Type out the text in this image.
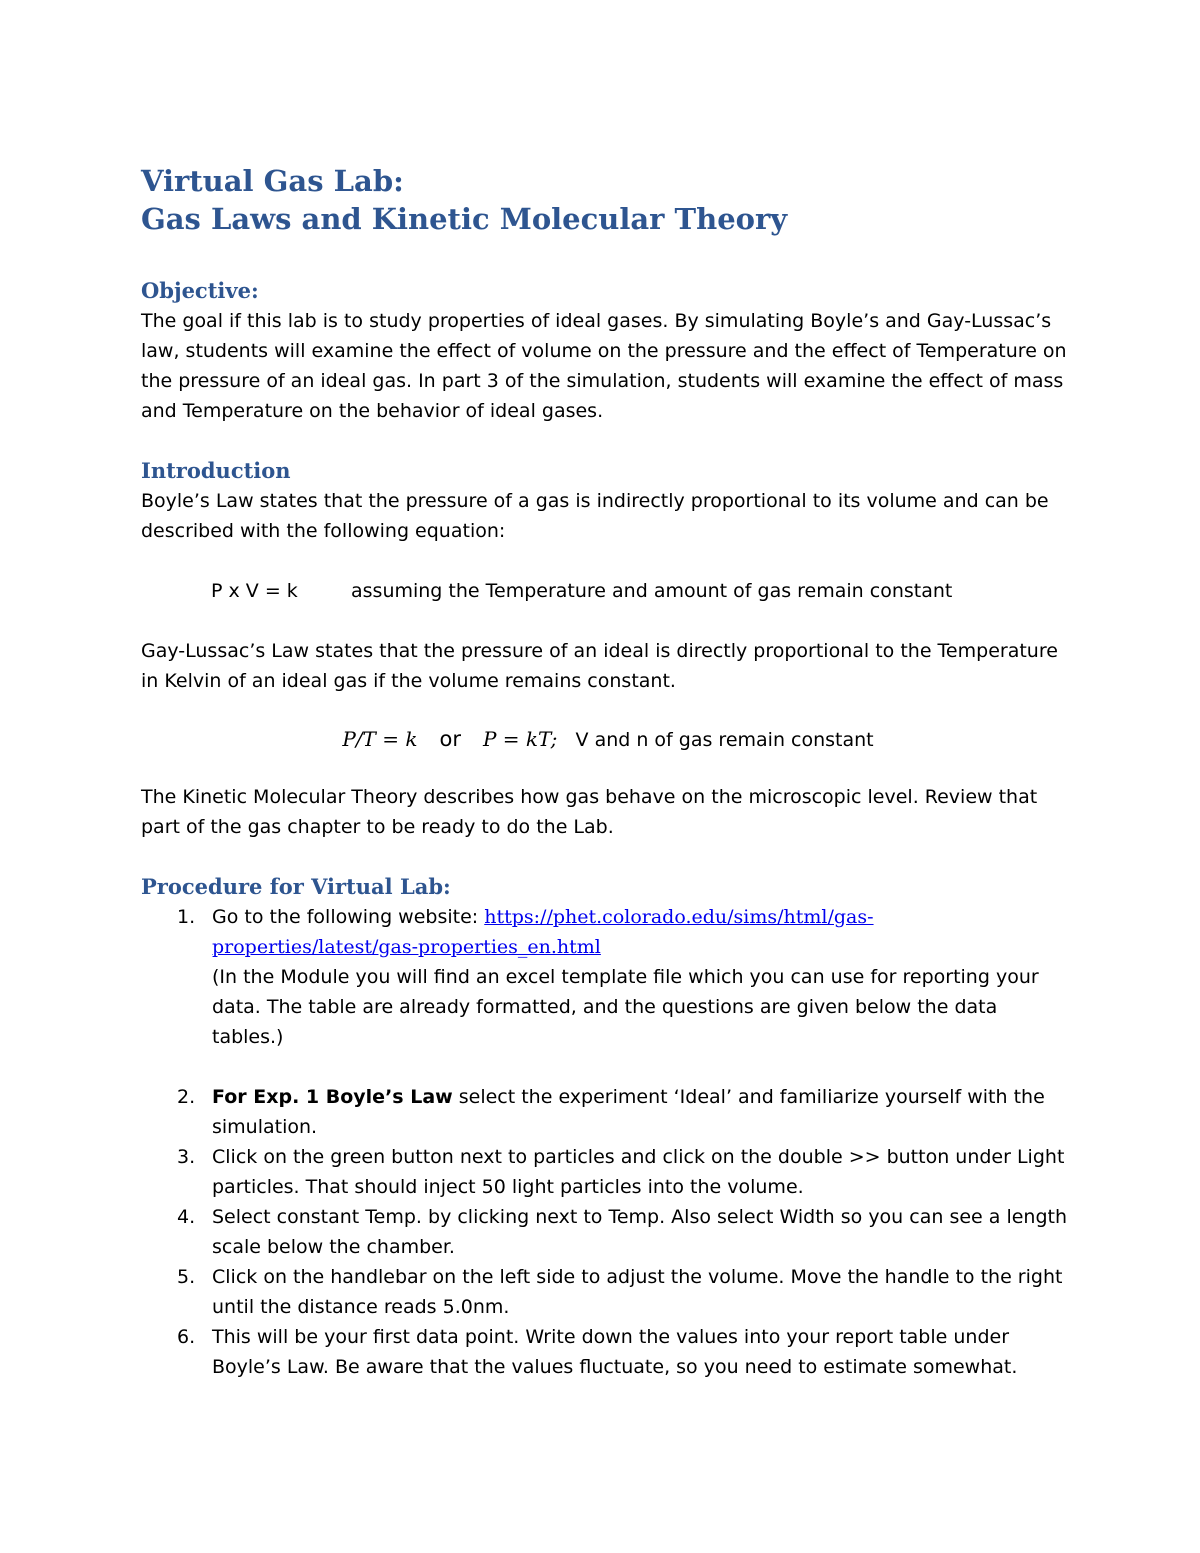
Virtual Gas Lab:
Gas Laws and Kinetic Molecular Theory
Objective:

The goal if this lab is to study properties of ideal gases. By simulating Boyle’s and Gay-Lussac’s law, students will examine the effect of volume on the pressure and the effect of Temperature on the pressure of an ideal gas. In part 3 of the simulation, students will examine the effect of mass and Temperature on the behavior of ideal gases.

Introduction

Boyle’s Law states that the pressure of a gas is indirectly proportional to its volume and can be described with the following equation:

P x V = k	assuming the Temperature and amount of gas remain constant

Gay-Lussac’s Law states that the pressure of an ideal is directly proportional to the Temperature in Kelvin of an ideal gas if the volume remains constant.

P/T = k or P = kT; V and n of gas remain constant

The Kinetic Molecular Theory describes how gas behave on the microscopic level. Review that part of the gas chapter to be ready to do the Lab.

Procedure for Virtual Lab:
1. Go to the following website: https://phet.colorado.edu/sims/html/gas-properties/latest/gas-properties_en.html
(In the Module you will find an excel template file which you can use for reporting your data. The table are already formatted, and the questions are given below the data tables.)
2. For Exp. 1 Boyle’s Law select the experiment ‘Ideal’ and familiarize yourself with the simulation.
3. Click on the green button next to particles and click on the double >> button under Light particles. That should inject 50 light particles into the volume.
4. Select constant Temp. by clicking next to Temp. Also select Width so you can see a length scale below the chamber.
5. Click on the handlebar on the left side to adjust the volume. Move the handle to the right until the distance reads 5.0nm.
6. This will be your first data point. Write down the values into your report table under Boyle’s Law. Be aware that the values fluctuate, so you need to estimate somewhat.
